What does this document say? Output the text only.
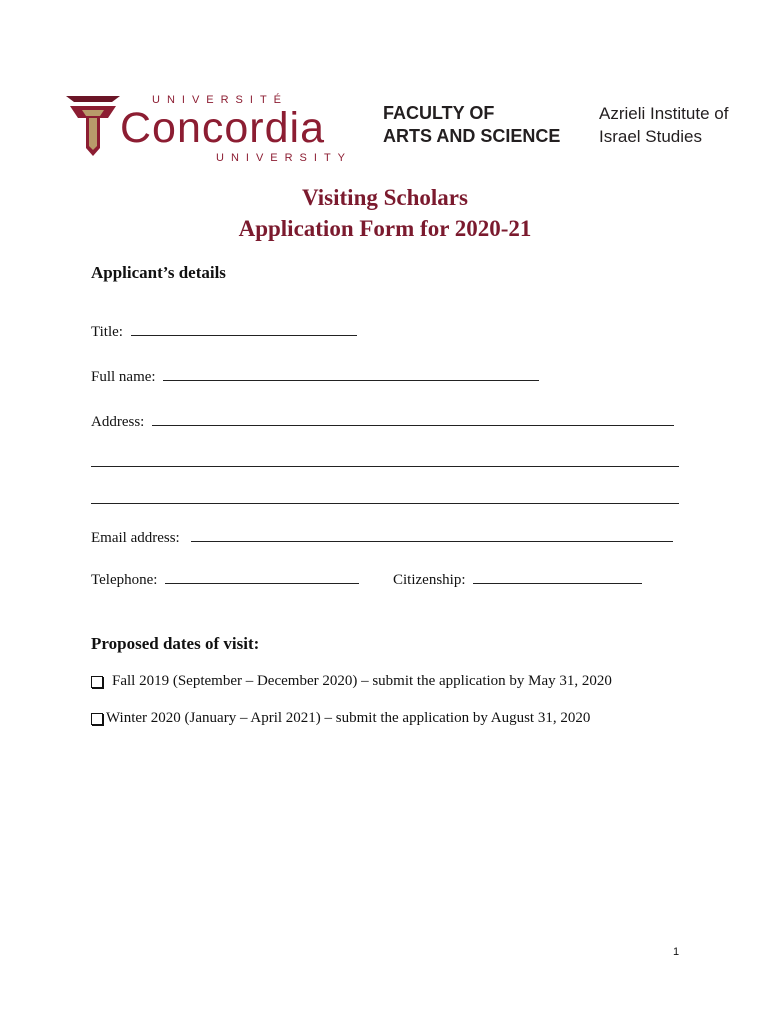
UNIVERSITÉ
Concordia
UNIVERSITY
FACULTY OF
ARTS AND SCIENCE
Azrieli Institute of
Israel Studies
Visiting Scholars
Application Form for 2020-21
Applicant’s details
Title:
Full name:
Address:
Email address:
Telephone:	Citizenship:
Proposed dates of visit:
Fall 2019 (September – December 2020) – submit the application by May 31, 2020
Winter 2020 (January – April 2021) – submit the application by August 31, 2020
1
